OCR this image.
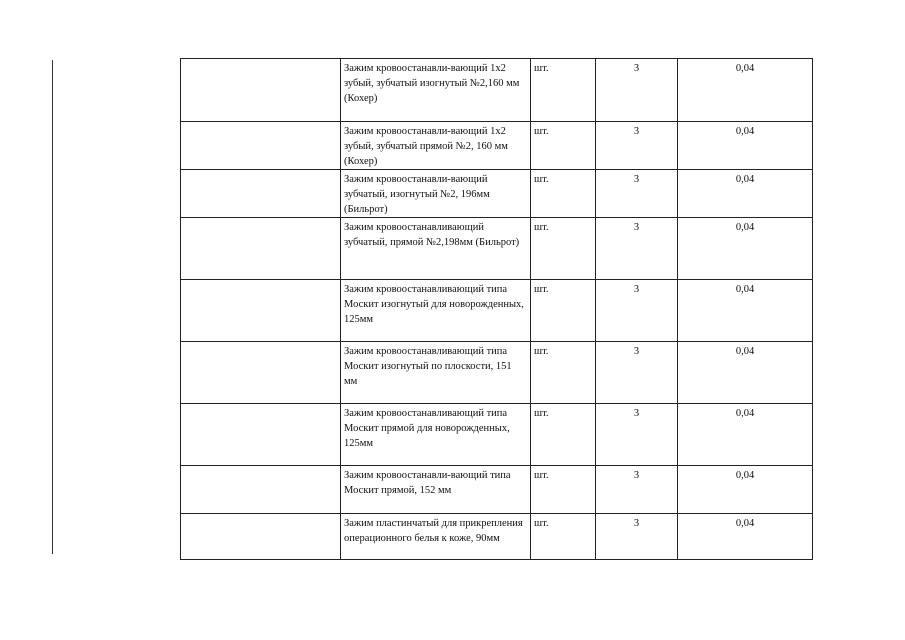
	Зажим кровоостанавли-вающий 1х2 зубый, зубчатый изогнутый №2,160 мм (Кохер)	шт.	3	0,04
	Зажим кровоостанавли-вающий 1х2 зубый, зубчатый прямой №2, 160 мм (Кохер)	шт.	3	0,04
	Зажим кровоостанавли-вающий зубчатый, изогнутый №2, 196мм (Бильрот)	шт.	3	0,04
	Зажим кровоостанавливающий зубчатый, прямой №2,198мм (Бильрот)	шт.	3	0,04
	Зажим кровоостанавливающий типа Москит изогнутый для новорожденных, 125мм	шт.	3	0,04
	Зажим кровоостанавливающий типа Москит изогнутый по плоскости, 151 мм	шт.	3	0,04
	Зажим кровоостанавливающий типа Москит прямой для новорожденных, 125мм	шт.	3	0,04
	Зажим кровоостанавли-вающий типа Москит прямой, 152 мм	шт.	3	0,04
	Зажим пластинчатый для прикрепления операционного белья к коже, 90мм	шт.	3	0,04
